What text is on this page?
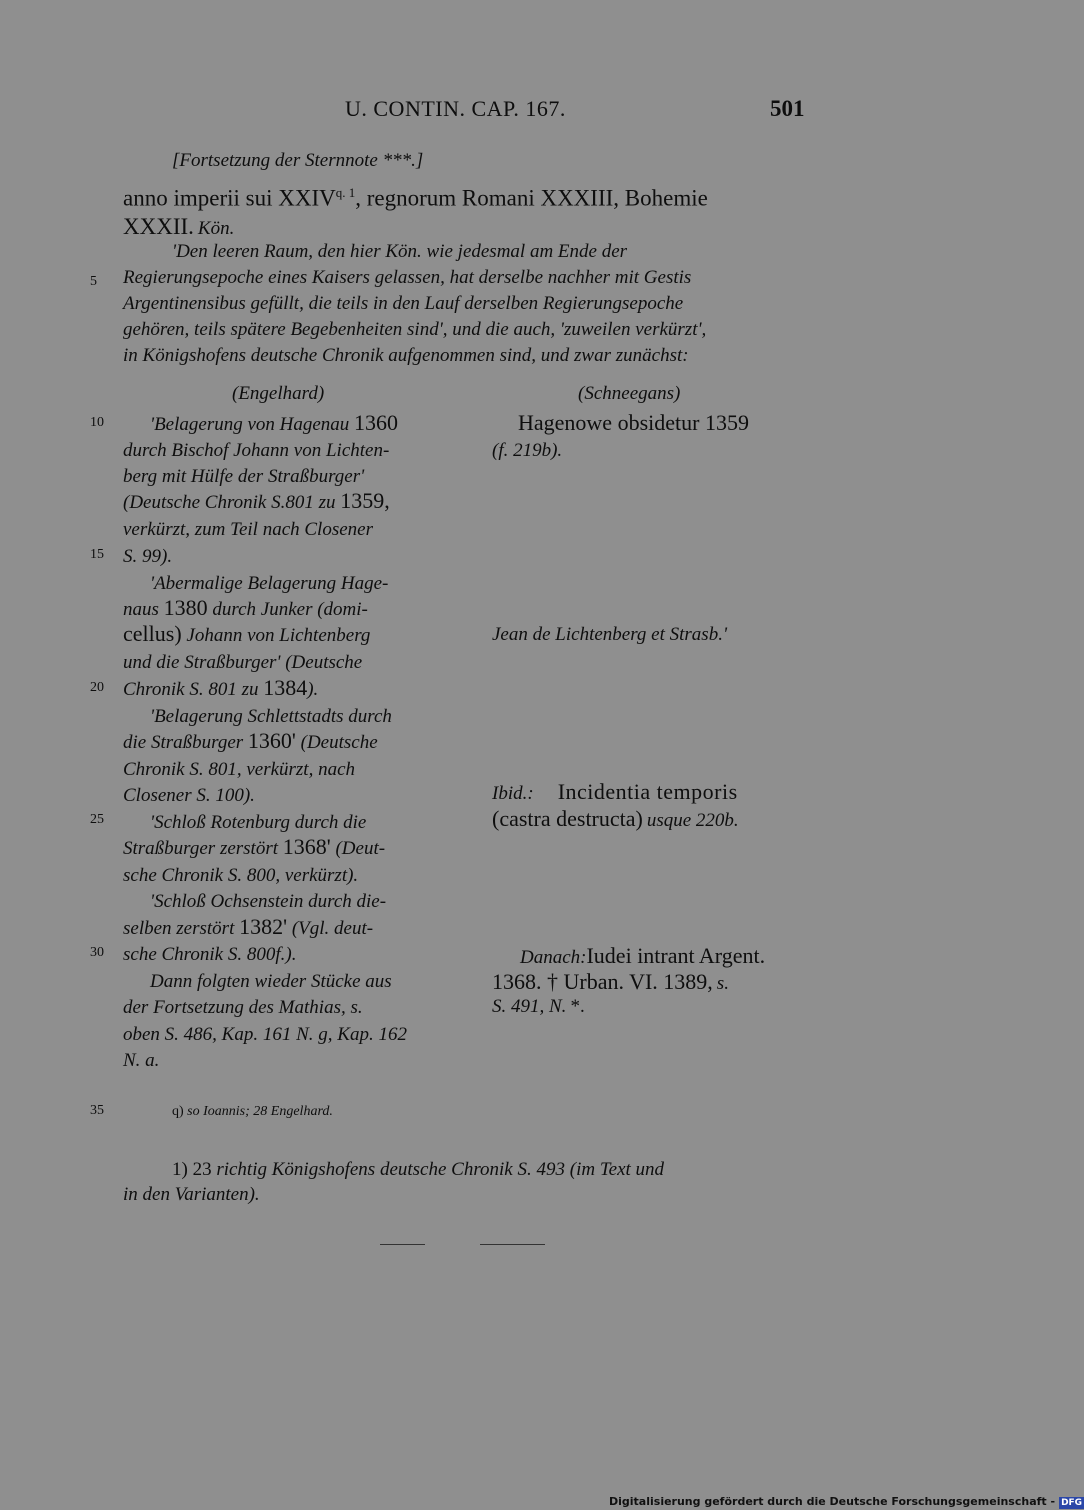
U. CONTIN. CAP. 167.	501
[Fortsetzung der Sternnote ***.]
anno imperii sui $XXIV^{q. 1}$, regnorum Romani XXXIII, Bohemie
XXXII. Kön.
'Den leeren Raum, den hier Kön. wie jedesmal am Ende der
Regierungsepoche eines Kaisers gelassen, hat derselbe nachher mit Gestis
Argentinensibus gefüllt, die teils in den Lauf derselben Regierungsepoche
gehören, teils spätere Begebenheiten sind', und die auch, 'zuweilen verkürzt',
in Königshofens deutsche Chronik aufgenommen sind, und zwar zunächst:
5
10
15
20
25
30
35
(Engelhard)
'Belagerung von Hagenau 1360
durch Bischof Johann von Lichten-
berg mit Hülfe der Straßburger'
(Deutsche Chronik S.801 zu 1359,
verkürzt, zum Teil nach Closener
S. 99).
'Abermalige Belagerung Hage-
naus 1380 durch Junker (domi-
cellus) Johann von Lichtenberg
und die Straßburger' (Deutsche
Chronik S. 801 zu 1384).
'Belagerung Schlettstadts durch
die Straßburger 1360' (Deutsche
Chronik S. 801, verkürzt, nach
Closener S. 100).
'Schloß Rotenburg durch die
Straßburger zerstört 1368' (Deut-
sche Chronik S. 800, verkürzt).
'Schloß Ochsenstein durch die-
selben zerstört 1382' (Vgl. deut-
sche Chronik S. 800f.).
Dann folgten wieder Stücke aus
der Fortsetzung des Mathias, s.
oben S. 486, Kap. 161 N. g, Kap. 162
N. a.
(Schneegans)
Hagenowe obsidetur 1359
(f. 219b).
Jean de Lichtenberg et Strasb.'
Ibid.: Incidentia temporis
(castra destructa) usque 220b.
Danach:Iudei intrant Argent.
1368. † Urban. VI. 1389, s.
S. 491, N. *.
q) so Ioannis; 28 Engelhard.
1) 23 richtig Königshofens deutsche Chronik S. 493 (im Text und
in den Varianten).
Digitalisierung gefördert durch die Deutsche Forschungsgemeinschaft - DFG
